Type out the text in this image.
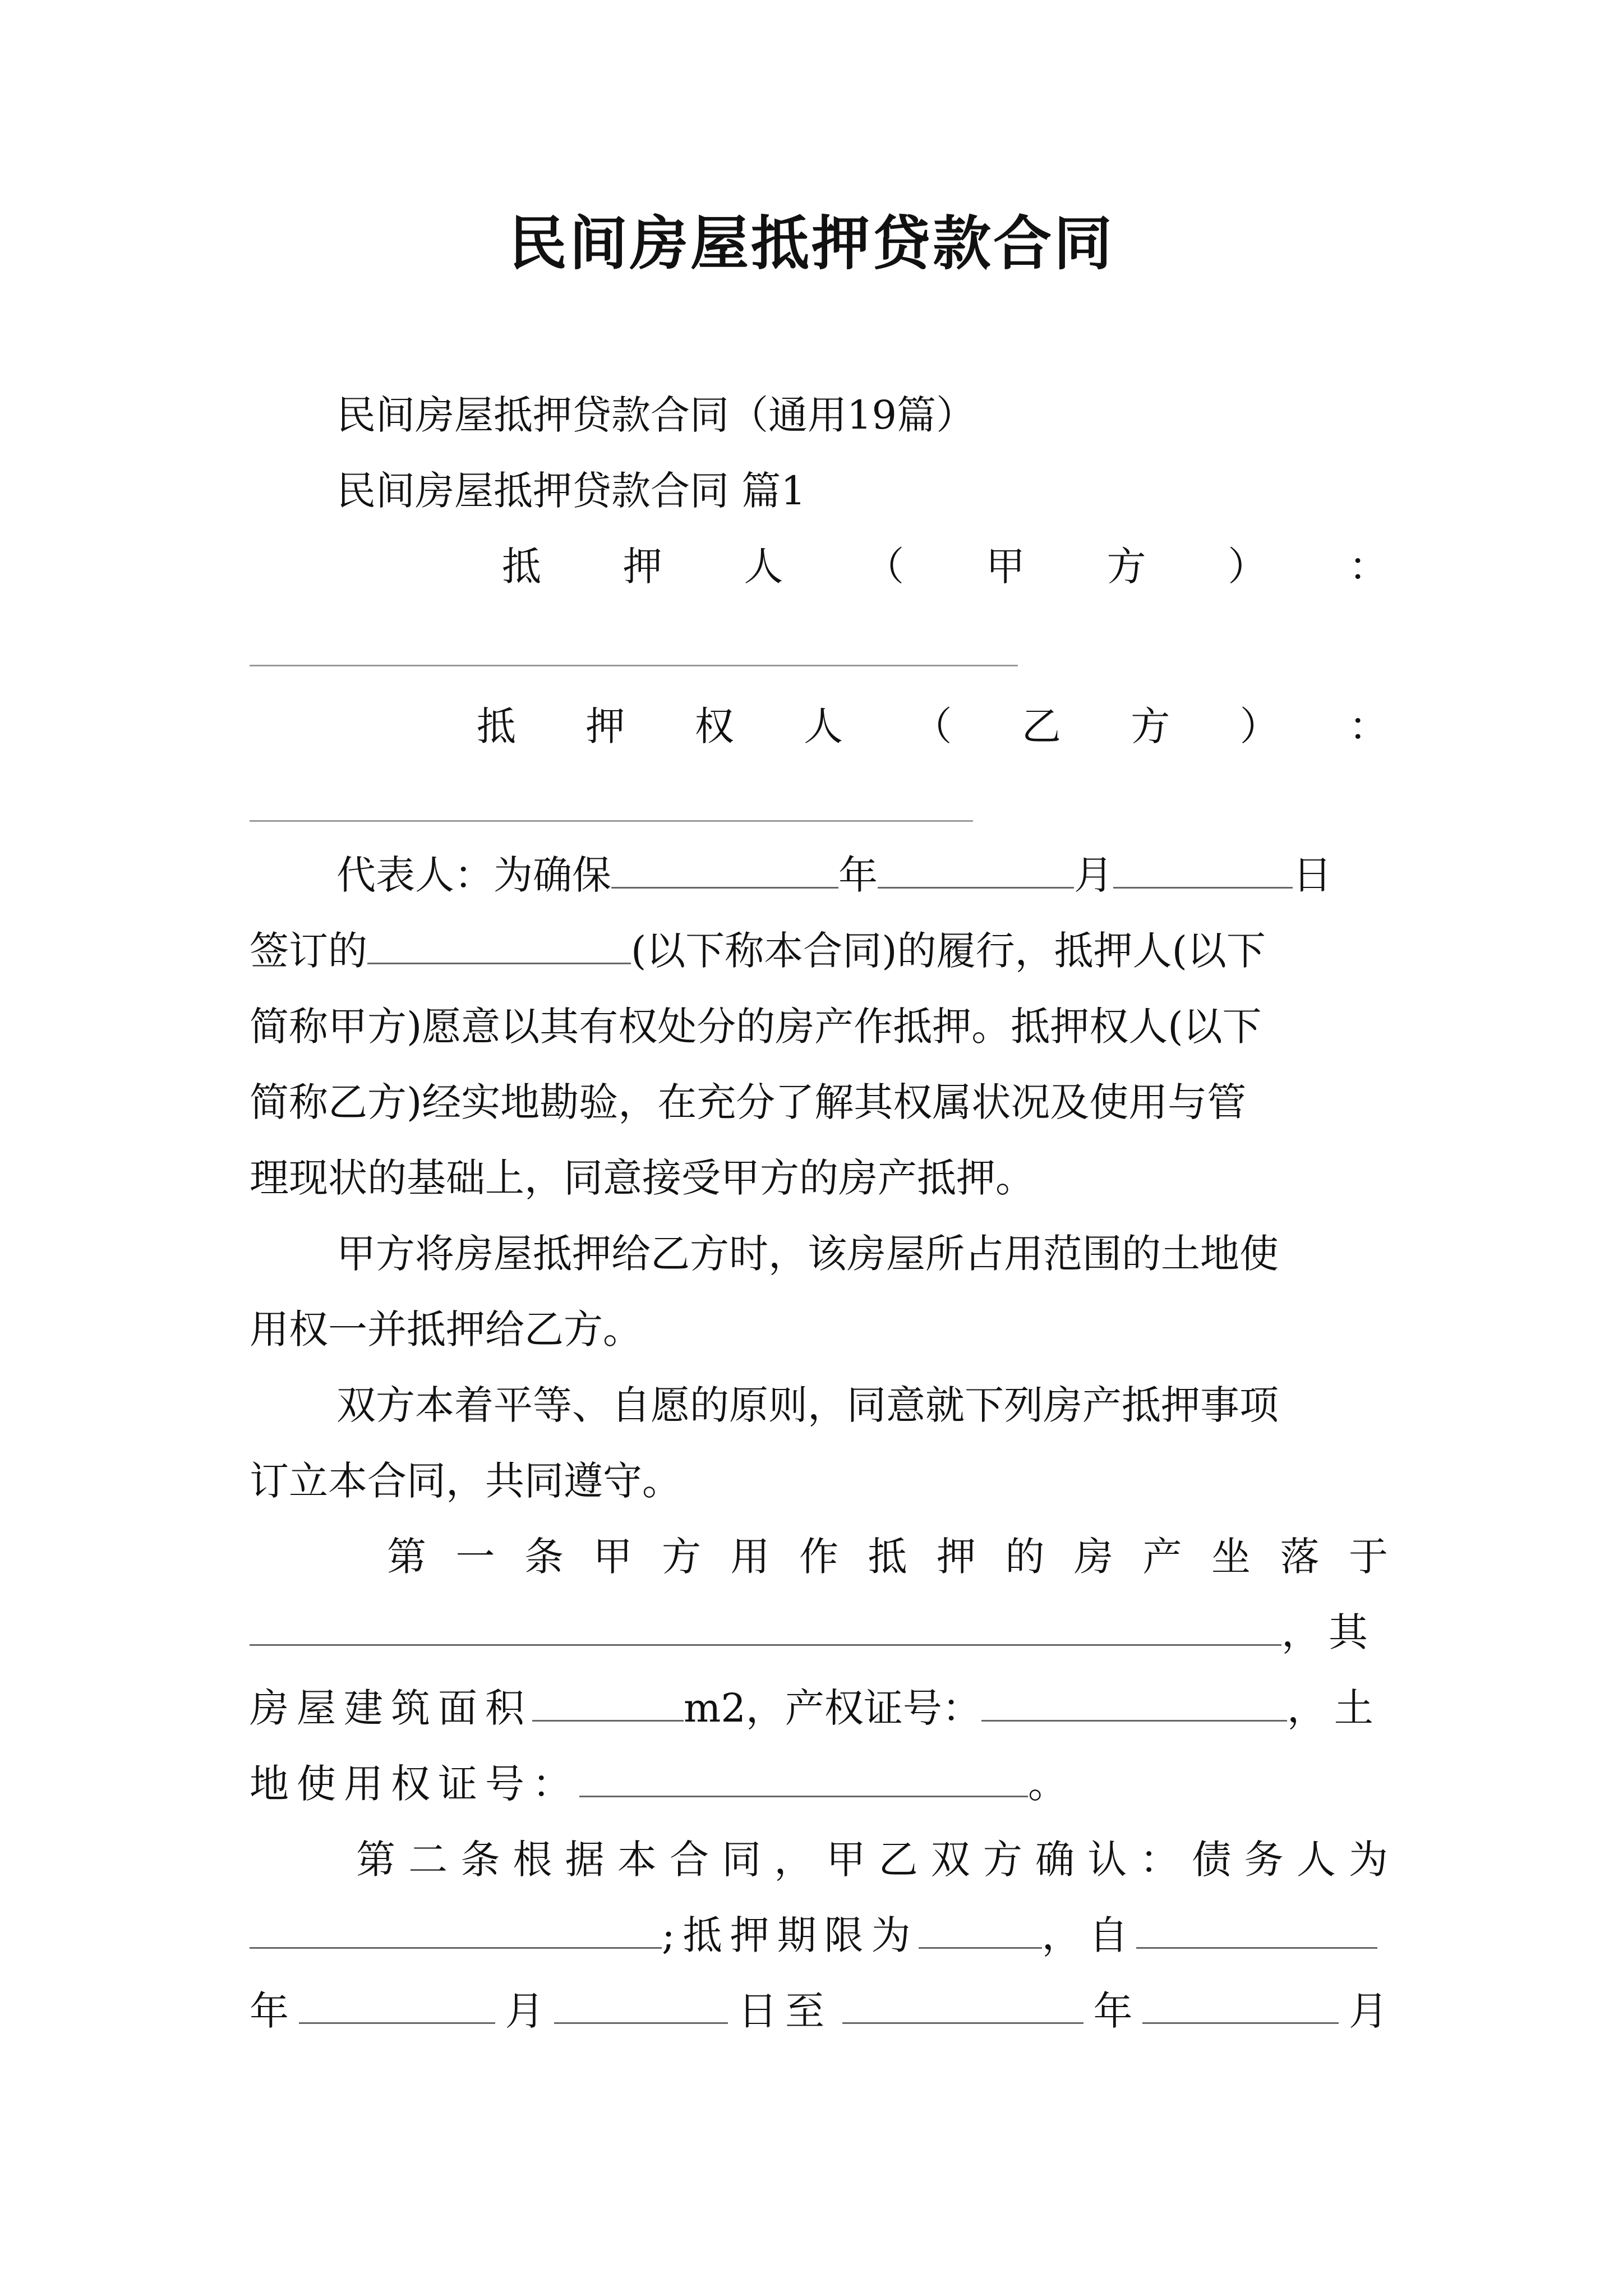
民间房屋抵押贷款合同
民间房屋抵押贷款合同（通用19篇）
民间房屋抵押贷款合同 篇1
抵 押 人 （ 甲 方 ） ：
抵 押 权 人 （ 乙 方 ） ：
代表人：为确保	年	月	日
签订的	(以下称本合同)的履行，抵押人(以下
简称甲方)愿意以其有权处分的房产作抵押。抵押权人(以下
简称乙方)经实地勘验，在充分了解其权属状况及使用与管
理现状的基础上，同意接受甲方的房产抵押。
甲方将房屋抵押给乙方时，该房屋所占用范围的土地使
用权一并抵押给乙方。
双方本着平等、自愿的原则，同意就下列房产抵押事项
订立本合同，共同遵守。
第 一 条 甲 方 用 作 抵 押 的 房 产 坐 落 于
，其
房屋建筑面积	m2，产权证号：	，土
地使用权证号：	。
第 二 条 根 据 本 合 同 ， 甲 乙 双 方 确 认 ： 债 务 人 为
;抵押期限为	，自
年	月	日至	年	月
